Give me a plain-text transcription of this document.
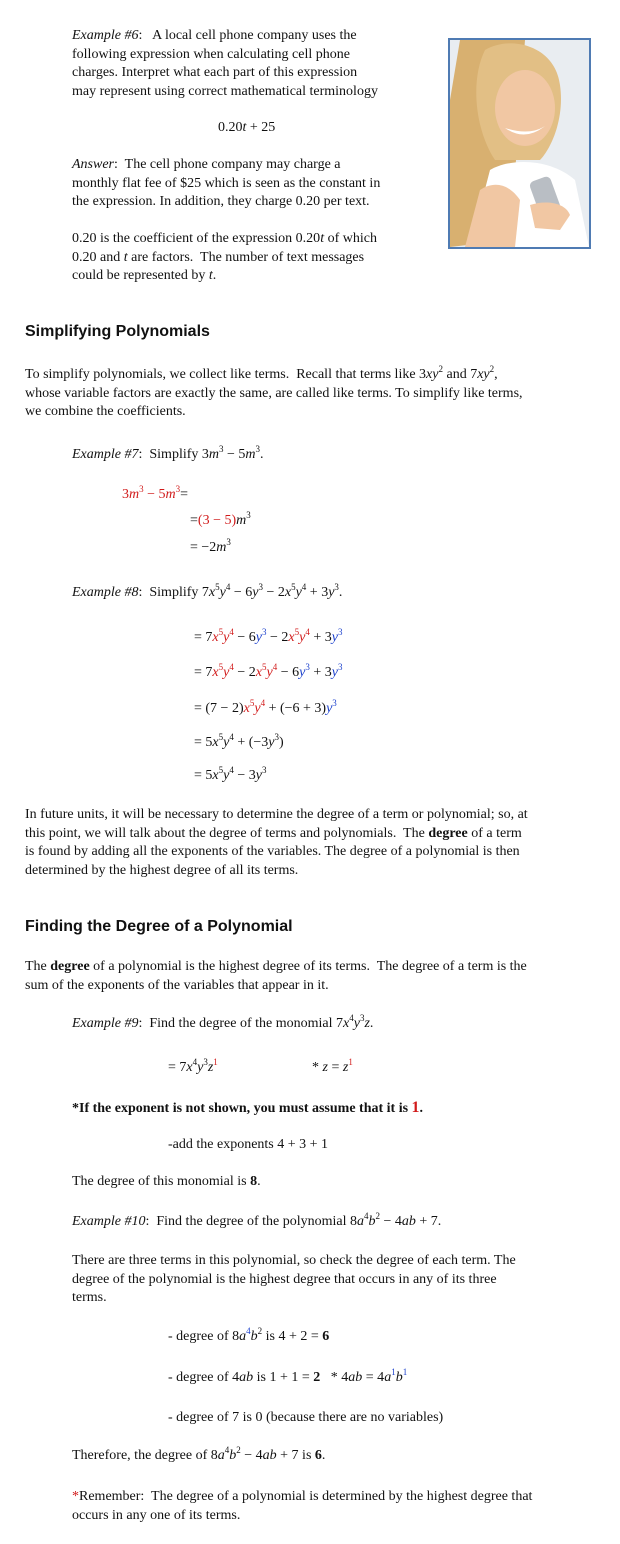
Example #6:   A local cell phone company uses the

following expression when calculating cell phone

charges. Interpret what each part of this expression

may represent using correct mathematical terminology

0.20t + 25

Answer:  The cell phone company may charge a

monthly flat fee of $25 which is seen as the constant in

the expression. In addition, they charge 0.20 per text.

0.20 is the coefficient of the expression 0.20t of which

0.20 and t are factors.  The number of text messages

could be represented by t.

Simplifying Polynomials

To simplify polynomials, we collect like terms.  Recall that terms like $3xy^2$ and $7xy^2$,

whose variable factors are exactly the same, are called like terms. To simplify like terms,

we combine the coefficients.

Example #7:  Simplify $3m^3 - 5m^3$.
$3m^3 - 5m^3=$
$=(3 - 5)m^3$
= $-2m^3$
Example #8:  Simplify $7x^5y^4 - 6y^3 - 2x^5y^4 + 3y^3$.
= $7x^5y^4 - 6y^3 - 2x^5y^4 + 3y^3$
= $7x^5y^4 - 2x^5y^4 - 6y^3 + 3y^3$
= $(7 - 2)x^5y^4 + (-6 + 3)y^3$
= $5x^5y^4 + (-3y^3)$
= $5x^5y^4 - 3y^3$

In future units, it will be necessary to determine the degree of a term or polynomial; so, at

this point, we will talk about the degree of terms and polynomials.  The degree of a term

is found by adding all the exponents of the variables. The degree of a polynomial is then

determined by the highest degree of all its terms.

Finding the Degree of a Polynomial

The degree of a polynomial is the highest degree of its terms.  The degree of a term is the

sum of the exponents of the variables that appear in it.

Example #9:  Find the degree of the monomial $7x^4y^3z$.
= $7x^4y^3z^1$	* $z = z^1$
*If the exponent is not shown, you must assume that it is 1.
-add the exponents 4 + 3 + 1
The degree of this monomial is 8.
Example #10:  Find the degree of the polynomial $8a^4b^2 - 4ab + 7$.

There are three terms in this polynomial, so check the degree of each term. The

degree of the polynomial is the highest degree that occurs in any of its three

terms.

- degree of $8a^4b^2$ is 4 + 2 = 6
- degree of 4ab is $1 + 1 = 2 * 4ab = 4a^1b^1$
- degree of 7 is 0 (because there are no variables)
Therefore, the degree of $8a^4b^2 - 4ab + 7$ is 6.

*Remember:  The degree of a polynomial is determined by the highest degree that

occurs in any one of its terms.
